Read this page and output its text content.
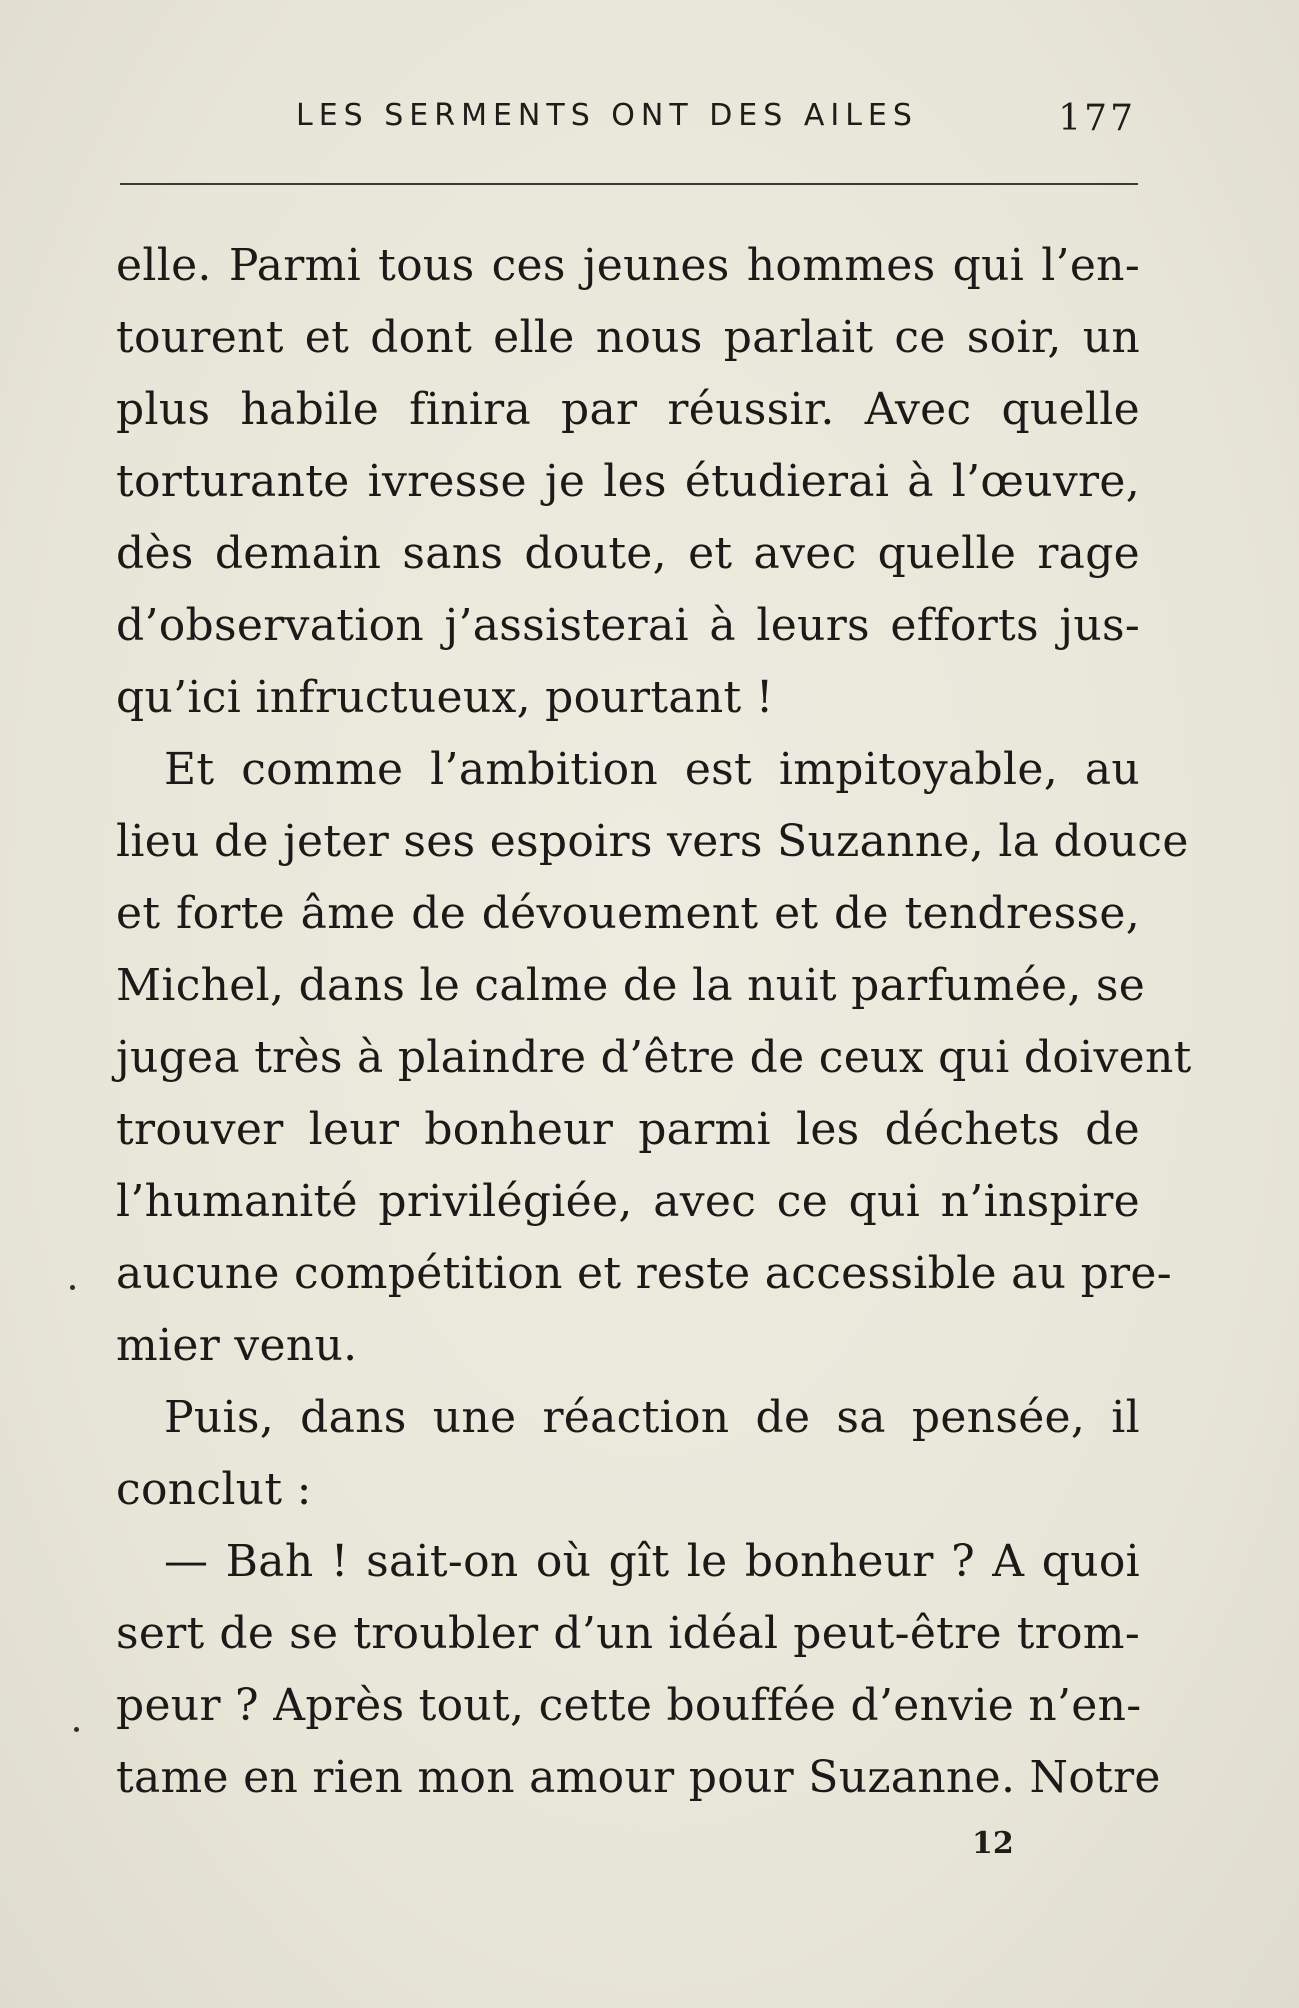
LES SERMENTS ONT DES AILES	177
elle. Parmi tous ces jeunes hommes qui l’en-
tourent et dont elle nous parlait ce soir, un
plus habile finira par réussir. Avec quelle
torturante ivresse je les étudierai à l’œuvre,
dès demain sans doute, et avec quelle rage
d’observation j’assisterai à leurs efforts jus-
qu’ici infructueux, pourtant !
Et comme l’ambition est impitoyable, au
lieu de jeter ses espoirs vers Suzanne, la douce
et forte âme de dévouement et de tendresse,
Michel, dans le calme de la nuit parfumée, se
jugea très à plaindre d’être de ceux qui doivent
trouver leur bonheur parmi les déchets de
l’humanité privilégiée, avec ce qui n’inspire
aucune compétition et reste accessible au pre-
mier venu.
Puis, dans une réaction de sa pensée, il
conclut :
— Bah ! sait-on où gît le bonheur ? A quoi
sert de se troubler d’un idéal peut-être trom-
peur ? Après tout, cette bouffée d’envie n’en-
tame en rien mon amour pour Suzanne. Notre
12
